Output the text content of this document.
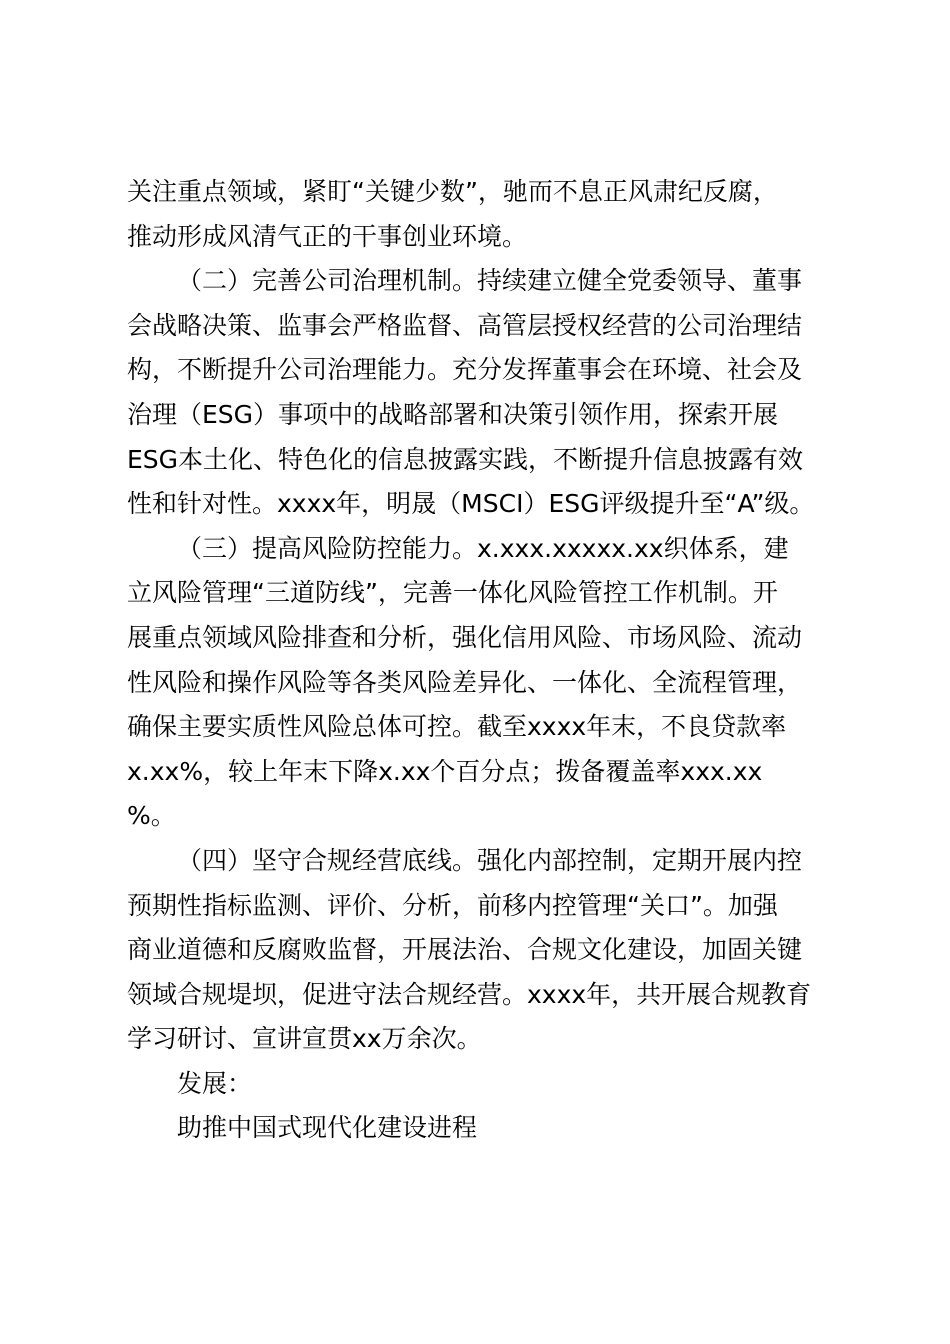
关注重点领域，紧盯“关键少数”，驰而不息正风肃纪反腐，
推动形成风清气正的干事创业环境。
（二）完善公司治理机制。持续建立健全党委领导、董事
会战略决策、监事会严格监督、高管层授权经营的公司治理结
构，不断提升公司治理能力。充分发挥董事会在环境、社会及
治理（ESG）事项中的战略部署和决策引领作用，探索开展
ESG本土化、特色化的信息披露实践，不断提升信息披露有效
性和针对性。xxxx年，明晟（MSCI）ESG评级提升至“A”级。
（三）提高风险防控能力。x.xxx.xxxxx.xx织体系，建
立风险管理“三道防线”，完善一体化风险管控工作机制。开
展重点领域风险排查和分析，强化信用风险、市场风险、流动
性风险和操作风险等各类风险差异化、一体化、全流程管理，
确保主要实质性风险总体可控。截至xxxx年末，不良贷款率
x.xx%，较上年末下降x.xx个百分点；拨备覆盖率xxx.xx
%。
（四）坚守合规经营底线。强化内部控制，定期开展内控
预期性指标监测、评价、分析，前移内控管理“关口”。加强
商业道德和反腐败监督，开展法治、合规文化建设，加固关键
领域合规堤坝，促进守法合规经营。xxxx年，共开展合规教育
学习研讨、宣讲宣贯xx万余次。
发展：
助推中国式现代化建设进程
